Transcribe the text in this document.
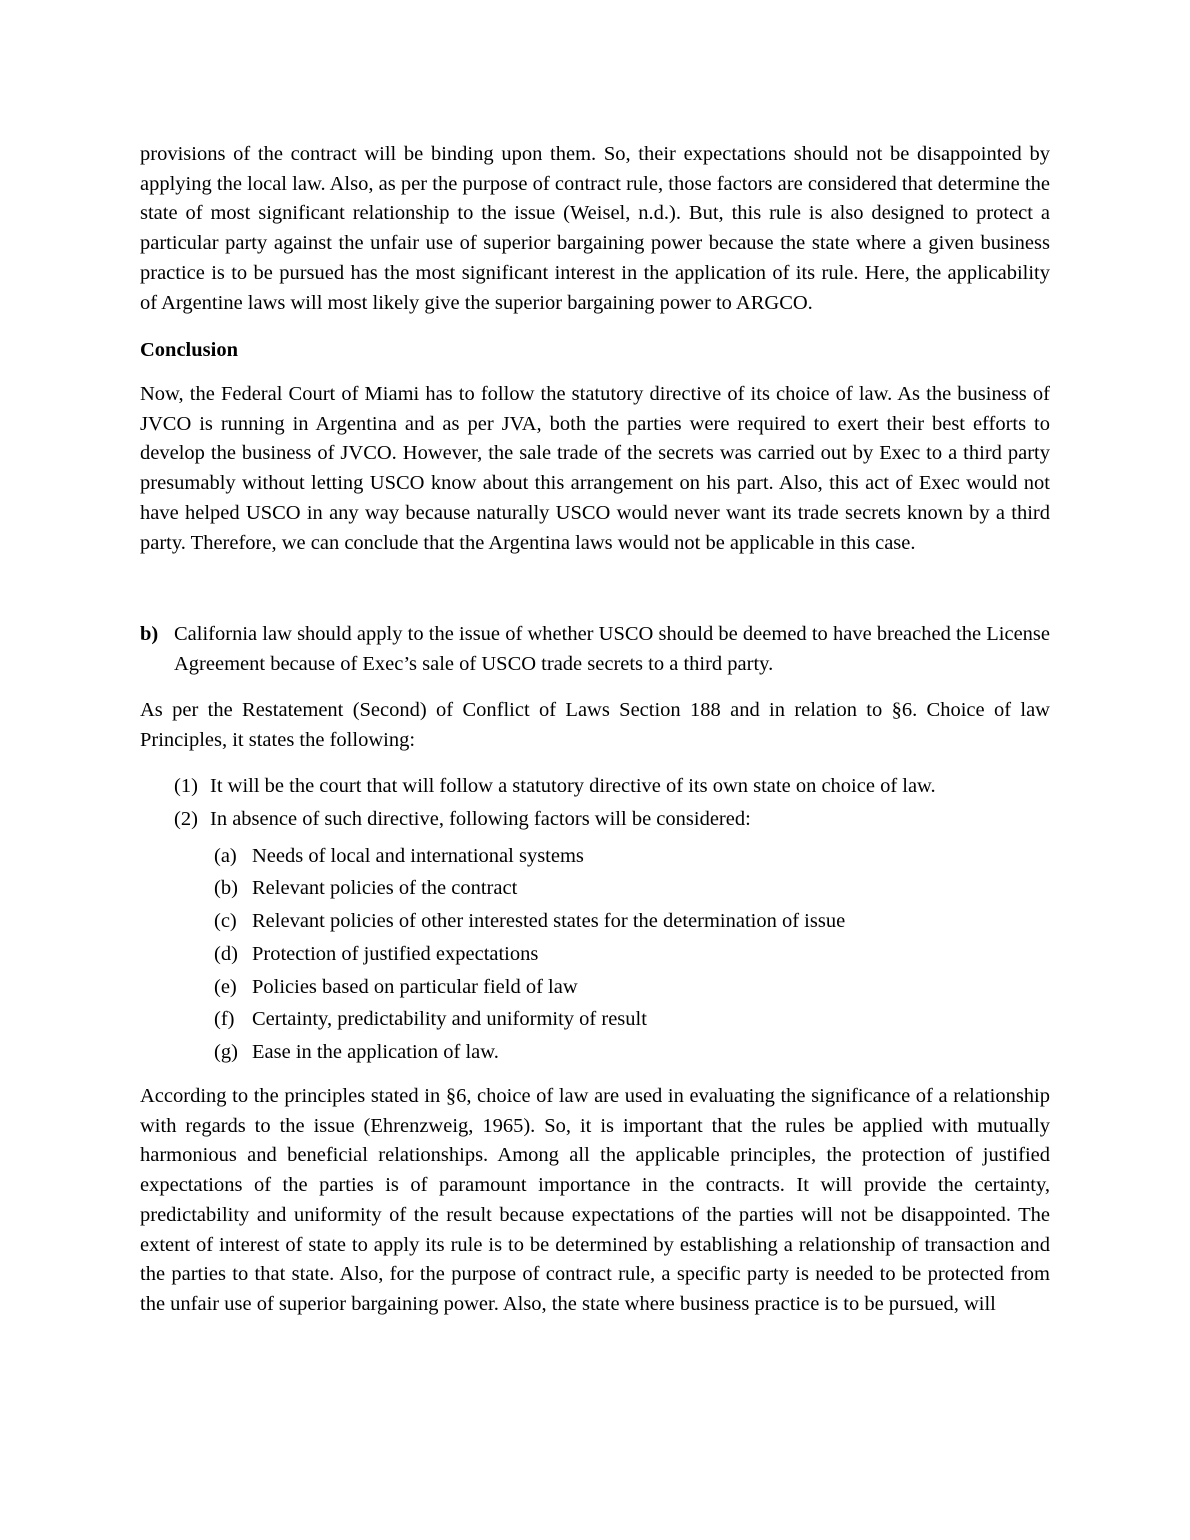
provisions of the contract will be binding upon them. So, their expectations should not be disappointed by applying the local law. Also, as per the purpose of contract rule, those factors are considered that determine the state of most significant relationship to the issue (Weisel, n.d.). But, this rule is also designed to protect a particular party against the unfair use of superior bargaining power because the state where a given business practice is to be pursued has the most significant interest in the application of its rule. Here, the applicability of Argentine laws will most likely give the superior bargaining power to ARGCO.

Conclusion

Now, the Federal Court of Miami has to follow the statutory directive of its choice of law. As the business of JVCO is running in Argentina and as per JVA, both the parties were required to exert their best efforts to develop the business of JVCO. However, the sale trade of the secrets was carried out by Exec to a third party presumably without letting USCO know about this arrangement on his part. Also, this act of Exec would not have helped USCO in any way because naturally USCO would never want its trade secrets known by a third party. Therefore, we can conclude that the Argentina laws would not be applicable in this case.

b) California law should apply to the issue of whether USCO should be deemed to have breached the License Agreement because of Exec’s sale of USCO trade secrets to a third party.

As per the Restatement (Second) of Conflict of Laws Section 188 and in relation to §6. Choice of law Principles, it states the following:

(1) It will be the court that will follow a statutory directive of its own state on choice of law.
(2) In absence of such directive, following factors will be considered:
(a) Needs of local and international systems
(b) Relevant policies of the contract
(c) Relevant policies of other interested states for the determination of issue
(d) Protection of justified expectations
(e) Policies based on particular field of law
(f) Certainty, predictability and uniformity of result
(g) Ease in the application of law.

According to the principles stated in §6, choice of law are used in evaluating the significance of a relationship with regards to the issue (Ehrenzweig, 1965). So, it is important that the rules be applied with mutually harmonious and beneficial relationships. Among all the applicable principles, the protection of justified expectations of the parties is of paramount importance in the contracts. It will provide the certainty, predictability and uniformity of the result because expectations of the parties will not be disappointed. The extent of interest of state to apply its rule is to be determined by establishing a relationship of transaction and the parties to that state. Also, for the purpose of contract rule, a specific party is needed to be protected from the unfair use of superior bargaining power. Also, the state where business practice is to be pursued, will
